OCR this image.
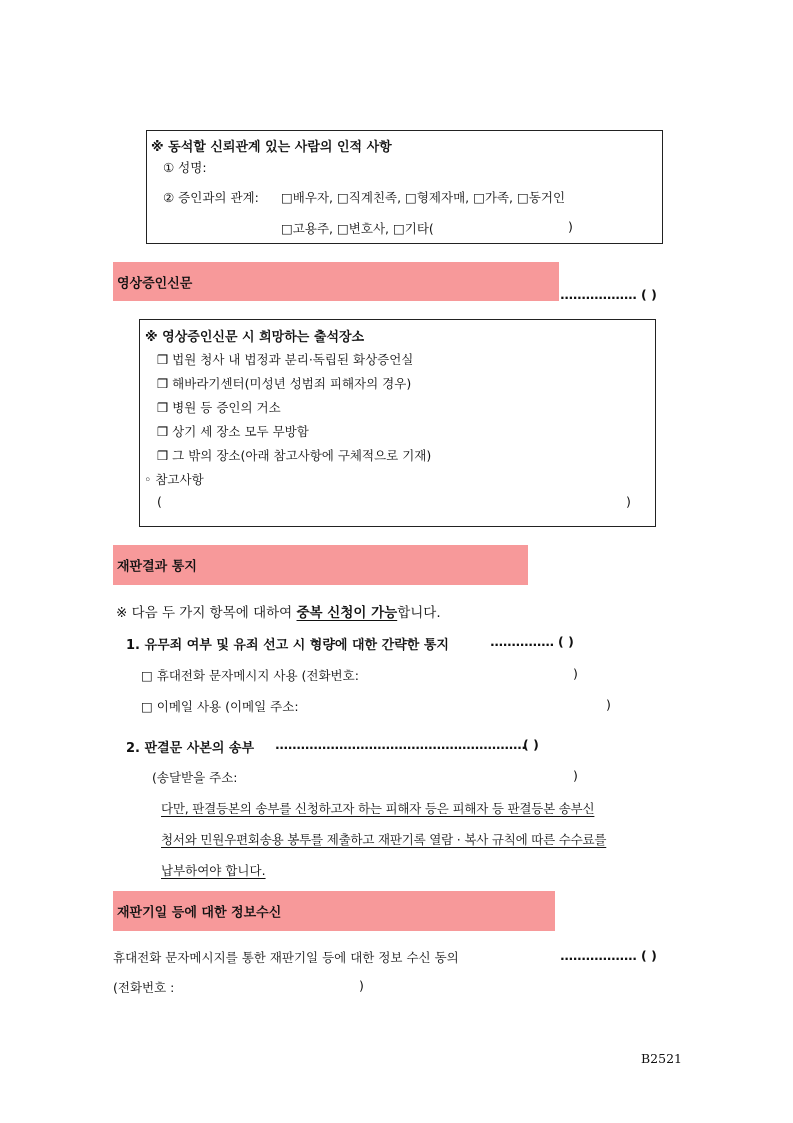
※ 동석할 신뢰관계 있는 사람의 인적 사항
① 성명:
② 증인과의 관계: □배우자, □직계친족, □형제자매, □가족, □동거인
□고용주, □변호사, □기타(	)
영상증인신문
.................. ( )
※ 영상증인신문 시 희망하는 출석장소
❒ 법원 청사 내 법정과 분리·독립된 화상증언실
❒ 해바라기센터(미성년 성범죄 피해자의 경우)
❒ 병원 등 증인의 거소
❒ 상기 세 장소 모두 무방함
❒ 그 밖의 장소(아래 참고사항에 구체적으로 기재)
◦ 참고사항
(	)
재판결과 통지
※ 다음 두 가지 항목에 대하여 중복 신청이 가능합니다.
1. 유무죄 여부 및 유죄 선고 시 형량에 대한 간략한 통지	............... ( )
□ 휴대전화 문자메시지 사용 (전화번호:	)
□ 이메일 사용 (이메일 주소:	)
2. 판결문 사본의 송부 ...........................................................
( )
(송달받을 주소:	)
다만, 판결등본의 송부를 신청하고자 하는 피해자 등은 피해자 등 판결등본 송부신
청서와 민원우편회송용 봉투를 제출하고 재판기록 열람 · 복사 규칙에 따른 수수료를
납부하여야 합니다.
재판기일 등에 대한 정보수신
휴대전화 문자메시지를 통한 재판기일 등에 대한 정보 수신 동의	.................. ( )
(전화번호 :	)
B2521
